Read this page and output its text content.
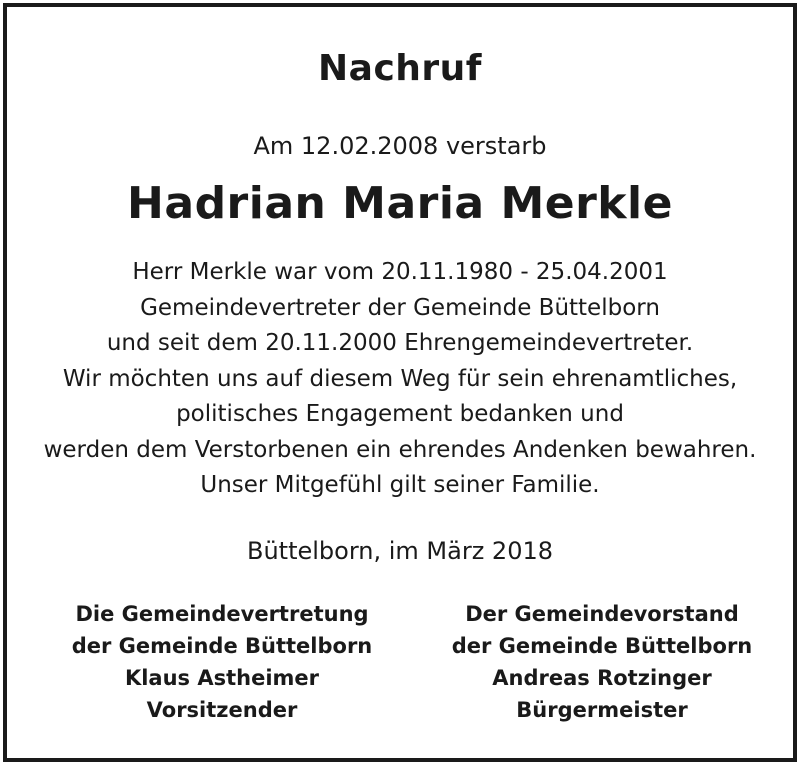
Nachruf
Am 12.02.2008 verstarb
Hadrian Maria Merkle
Herr Merkle war vom 20.11.1980 - 25.04.2001
Gemeindevertreter der Gemeinde Büttelborn
und seit dem 20.11.2000 Ehrengemeindevertreter.
Wir möchten uns auf diesem Weg für sein ehrenamtliches,
politisches Engagement bedanken und
werden dem Verstorbenen ein ehrendes Andenken bewahren.
Unser Mitgefühl gilt seiner Familie.
Büttelborn, im März 2018
Die Gemeindevertretung
der Gemeinde Büttelborn
Klaus Astheimer
Vorsitzender
Der Gemeindevorstand
der Gemeinde Büttelborn
Andreas Rotzinger
Bürgermeister
